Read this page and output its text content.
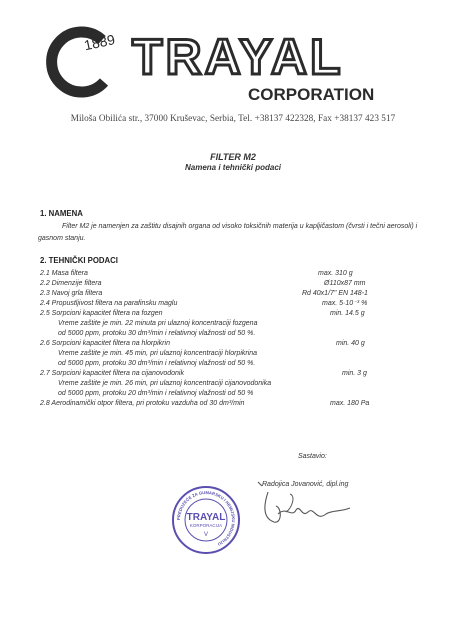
1889 TRAYAL
CORPORATION
Miloša Obilića str., 37000 Kruševac, Serbia, Tel. +38137 422328, Fax +38137 423 517
FILTER M2
Namena i tehnički podaci
1. NAMENA
Filter M2 je namenjen za zaštitu disajnih organa od visoko toksičnih materija u kapljičastom (čvrsti i tečni aerosoli) i gasnom stanju.
2. TEHNIČKI PODACI
2.1 Masa filtera	max. 310 g
2.2 Dimenzije filtera	Ø110x87 mm
2.3 Navoj grla filtera	Rd 40x1/7" EN 148-1
2.4 Propustljivost filtera na parafinsku maglu	max. 5·10⁻³ %
2.5 Sorpcioni kapacitet filtera na fozgen	min. 14.5 g
Vreme zaštite je min. 22 minuta pri ulaznoj koncentraciji fozgena
od 5000 ppm, protoku 30 dm³/min i relativnoj vlažnosti od 50 %.
2.6 Sorpcioni kapacitet filtera na hlorpikrin	min. 40 g
Vreme zaštite je min. 45 min, pri ulaznoj koncentraciji hlorpikrina
od 5000 ppm, protoku 30 dm³/min i relativnoj vlažnosti od 50 %.
2.7 Sorpcioni kapacitet filtera na cijanovodonik	min. 3 g
Vreme zaštite je min. 26 min, pri ulaznoj koncentraciji cijanovodonika
od 5000 ppm, protoku 20 dm³/min i relativnoj vlažnosti od 50 %
2.8 Aerodinamički otpor filtera, pri protoku vazduha od 30 dm³/min	max. 180 Pa
Sastavio:
Radojica Jovanović, dipl.ing
PREDUZEĆE ZA GUMARSKU I HEMIJSKU INDUSTRIJU
TRAYAL
KORPORACIJA
V
